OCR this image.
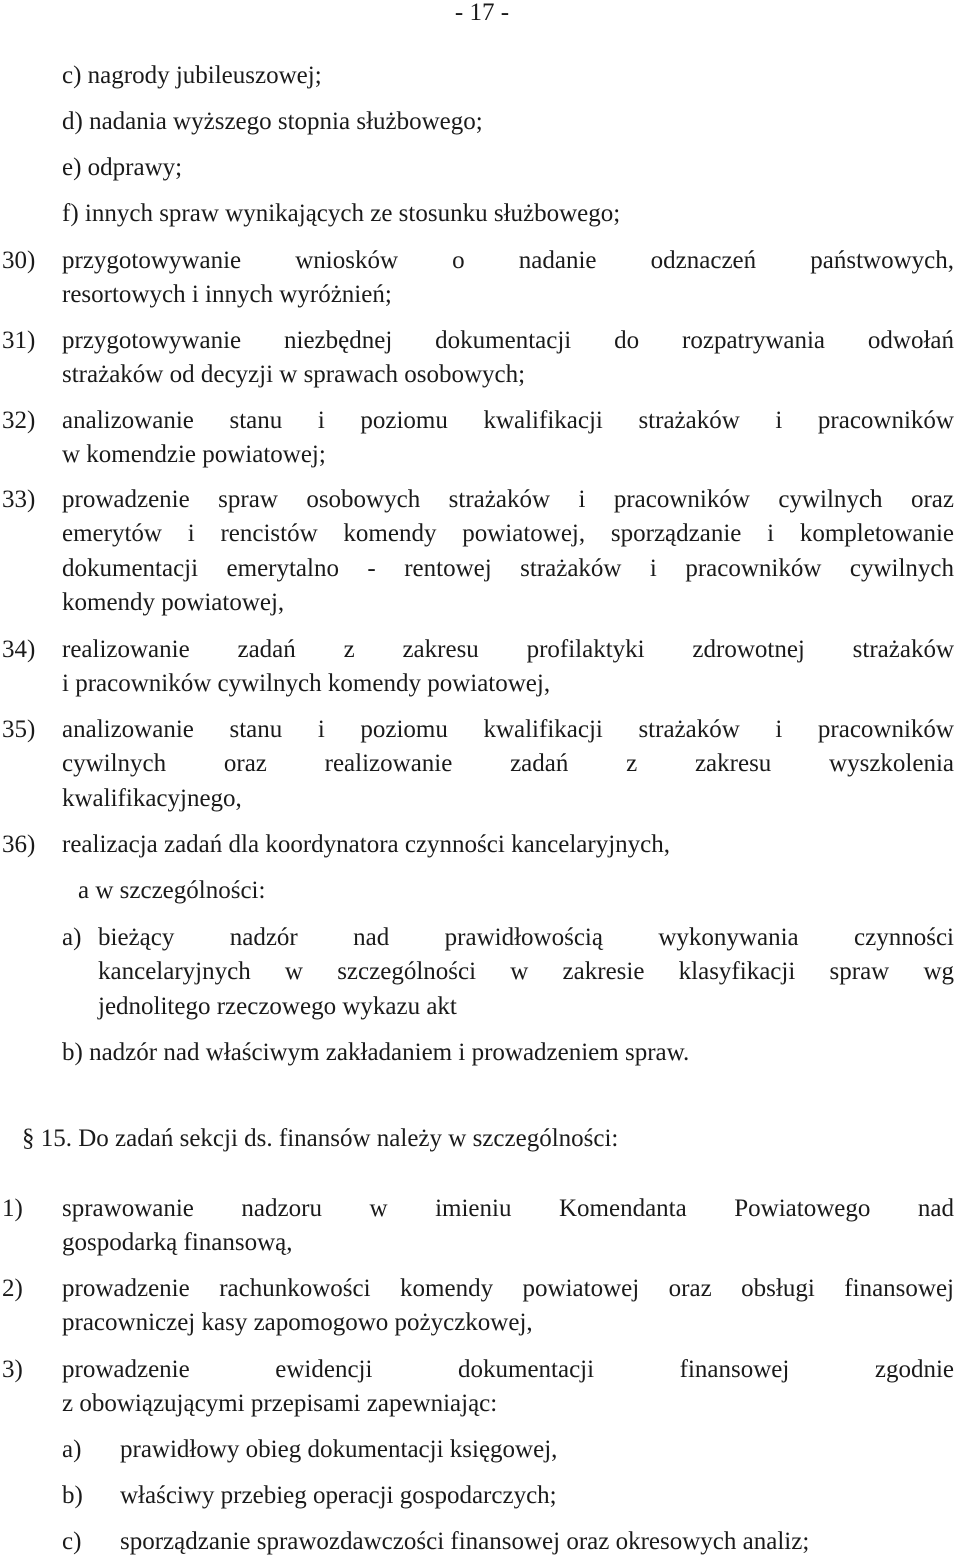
- 17 -
c) nagrody jubileuszowej;
d) nadania wyższego stopnia służbowego;
e) odprawy;
f) innych spraw wynikających ze stosunku służbowego;
30) przygotowywanie wniosków o nadanie odznaczeń państwowych,
resortowych i innych wyróżnień;
31) przygotowywanie niezbędnej dokumentacji do rozpatrywania odwołań
strażaków od decyzji w sprawach osobowych;
32) analizowanie stanu i poziomu kwalifikacji strażaków i pracowników
w komendzie powiatowej;
33) prowadzenie spraw osobowych strażaków i pracowników cywilnych oraz
emerytów i rencistów komendy powiatowej, sporządzanie i kompletowanie
dokumentacji emerytalno - rentowej strażaków i pracowników cywilnych
komendy powiatowej,
34) realizowanie zadań z zakresu profilaktyki zdrowotnej strażaków
i pracowników cywilnych komendy powiatowej,
35) analizowanie stanu i poziomu kwalifikacji strażaków i pracowników
cywilnych oraz realizowanie zadań z zakresu wyszkolenia
kwalifikacyjnego,
36) realizacja zadań dla koordynatora czynności kancelaryjnych,
a w szczególności:
a) bieżący nadzór nad prawidłowością wykonywania czynności
kancelaryjnych w szczególności w zakresie klasyfikacji spraw wg
jednolitego rzeczowego wykazu akt
b) nadzór nad właściwym zakładaniem i prowadzeniem spraw.
§ 15. Do zadań sekcji ds. finansów należy w szczególności:
1) sprawowanie nadzoru w imieniu Komendanta Powiatowego nad
gospodarką finansową,
2) prowadzenie rachunkowości komendy powiatowej oraz obsługi finansowej
pracowniczej kasy zapomogowo pożyczkowej,
3) prowadzenie ewidencji dokumentacji finansowej zgodnie
z obowiązującymi przepisami zapewniając:
a) prawidłowy obieg dokumentacji księgowej,
b) właściwy przebieg operacji gospodarczych;
c) sporządzanie sprawozdawczości finansowej oraz okresowych analiz;
